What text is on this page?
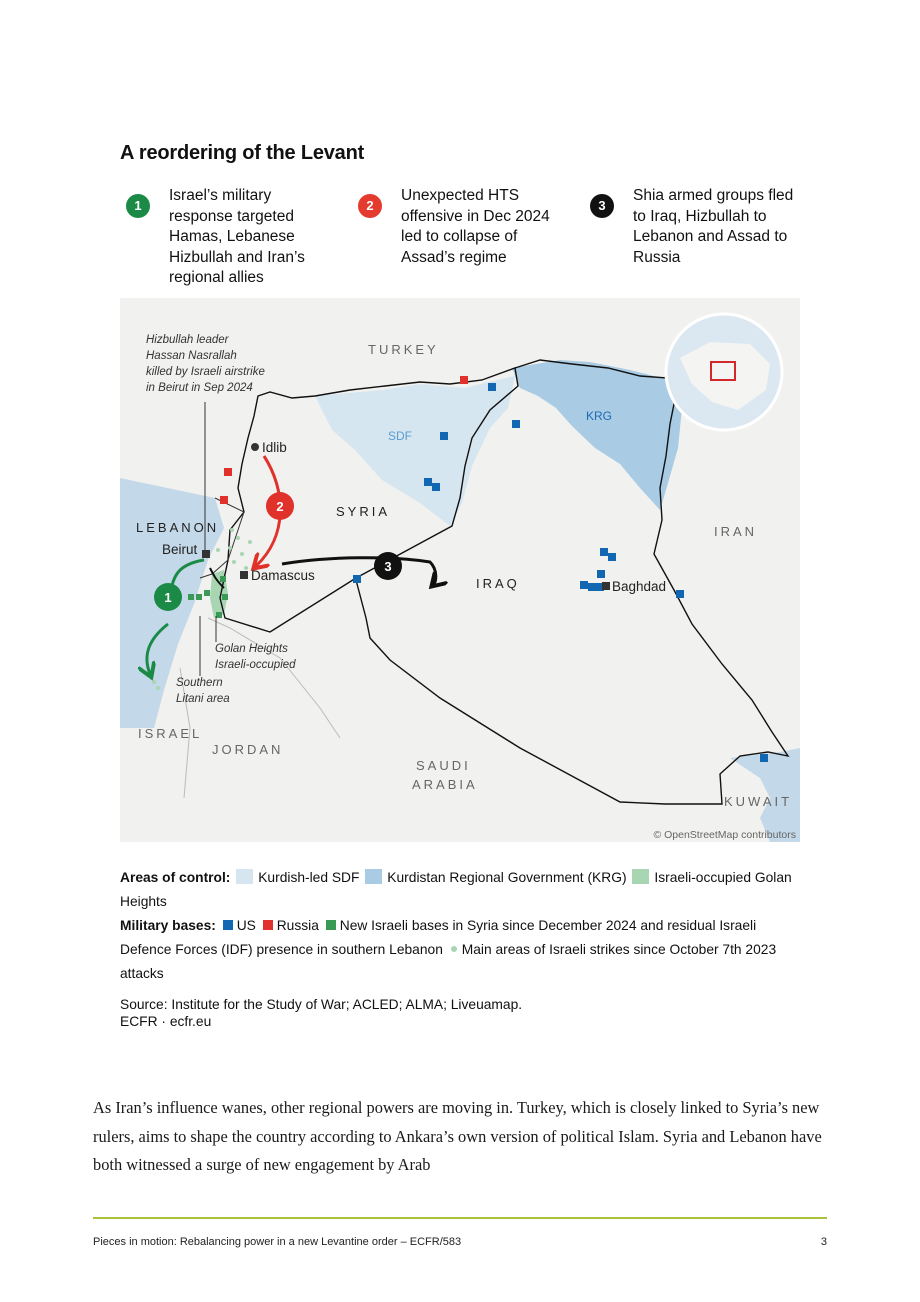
A reordering of the Levant
1
Israel’s military response targeted Hamas, Lebanese Hizbullah and Iran’s regional allies
2
Unexpected HTS offensive in Dec 2024 led to collapse of Assad’s regime
3
Shia armed groups fled to Iraq, Hizbullah to Lebanon and Assad to Russia
2
3
1
TURKEY
SYRIA
LEBANON
IRAQ
IRAN
ISRAEL
JORDAN
SAUDI
ARABIA
KUWAIT
SDF
KRG
Idlib
Beirut
Damascus
Baghdad
Hizbullah leader
Hassan Nasrallah
killed by Israeli airstrike
in Beirut in Sep 2024
Golan Heights
Israeli-occupied
Southern
Litani area
© OpenStreetMap contributors
Areas of control: Kurdish-led SDF Kurdistan Regional Government (KRG) Israeli-occupied Golan Heights
Military bases: US Russia New Israeli bases in Syria since December 2024 and residual Israeli Defence Forces (IDF) presence in southern Lebanon Main areas of Israeli strikes since October 7th 2023 attacks
Source: Institute for the Study of War; ACLED; ALMA; Liveuamap.
ECFR · ecfr.eu
As Iran’s influence wanes, other regional powers are moving in. Turkey, which is closely linked to Syria’s new rulers, aims to shape the country according to Ankara’s own version of political Islam. Syria and Lebanon have both witnessed a surge of new engagement by Arab
Pieces in motion: Rebalancing power in a new Levantine order – ECFR/583	3
